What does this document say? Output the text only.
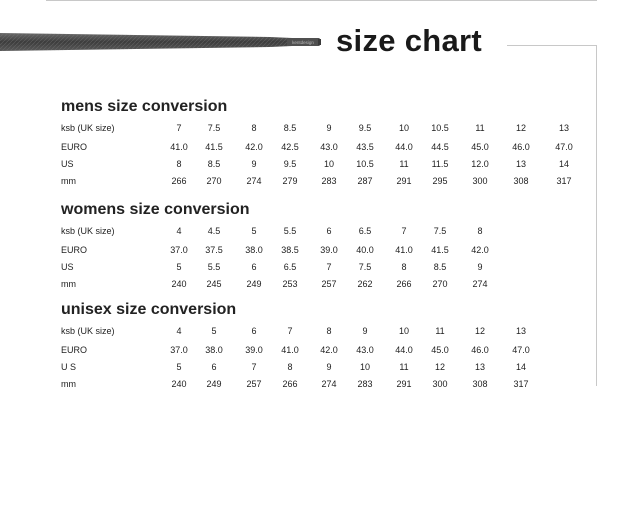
kentdesign size chart
mens size conversion
ksb (UK size)	7	7.5	8	8.5	9	9.5	10	10.5	11	12	13
EURO	41.0	41.5	42.0	42.5	43.0	43.5	44.0	44.5	45.0	46.0	47.0
US	8	8.5	9	9.5	10	10.5	11	11.5	12.0	13	14
mm	266	270	274	279	283	287	291	295	300	308	317
womens size conversion
ksb (UK size)	4	4.5	5	5.5	6	6.5	7	7.5	8
EURO	37.0	37.5	38.0	38.5	39.0	40.0	41.0	41.5	42.0
US	5	5.5	6	6.5	7	7.5	8	8.5	9
mm	240	245	249	253	257	262	266	270	274
unisex size conversion
ksb (UK size)	4	5	6	7	8	9	10	11	12	13
EURO	37.0	38.0	39.0	41.0	42.0	43.0	44.0	45.0	46.0	47.0
U S	5	6	7	8	9	10	11	12	13	14
mm	240	249	257	266	274	283	291	300	308	317
